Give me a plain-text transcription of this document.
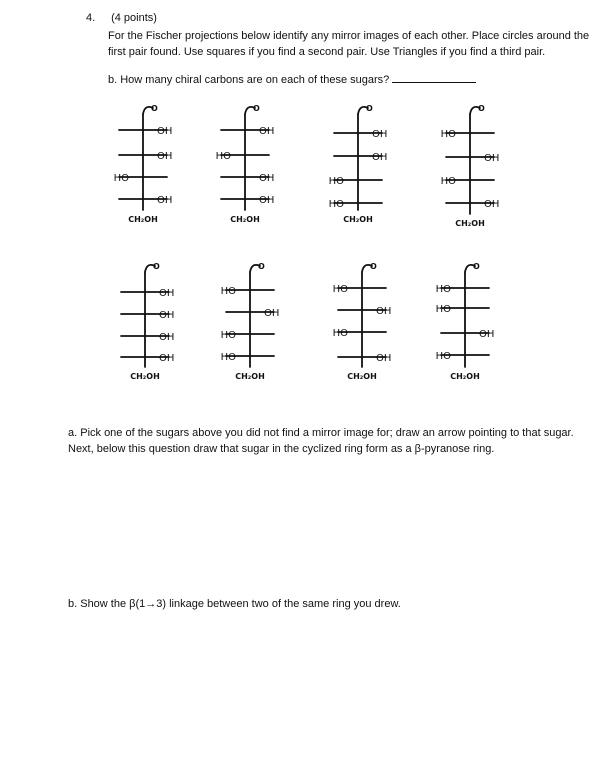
4. (4 points)
For the Fischer projections below identify any mirror images of each other. Place circles around the first pair found. Use squares if you find a second pair. Use Triangles if you find a third pair.
b. How many chiral carbons are on each of these sugars?
O
OH
OH
HO
OH
CH₂OH
O
OH
HO
OH
OH
CH₂OH
O
OH
OH
HO
HO
CH₂OH
O
HO
OH
HO
OH
CH₂OH
O
OH
OH
OH
OH
CH₂OH
O
HO
OH
HO
HO
CH₂OH
O
HO
OH
HO
OH
CH₂OH
O
HO
HO
OH
HO
CH₂OH
a. Pick one of the sugars above you did not find a mirror image for; draw an arrow pointing to that sugar. Next, below this question draw that sugar in the cyclized ring form as a β-pyranose ring.
b. Show the β(1→3) linkage between two of the same ring you drew.
